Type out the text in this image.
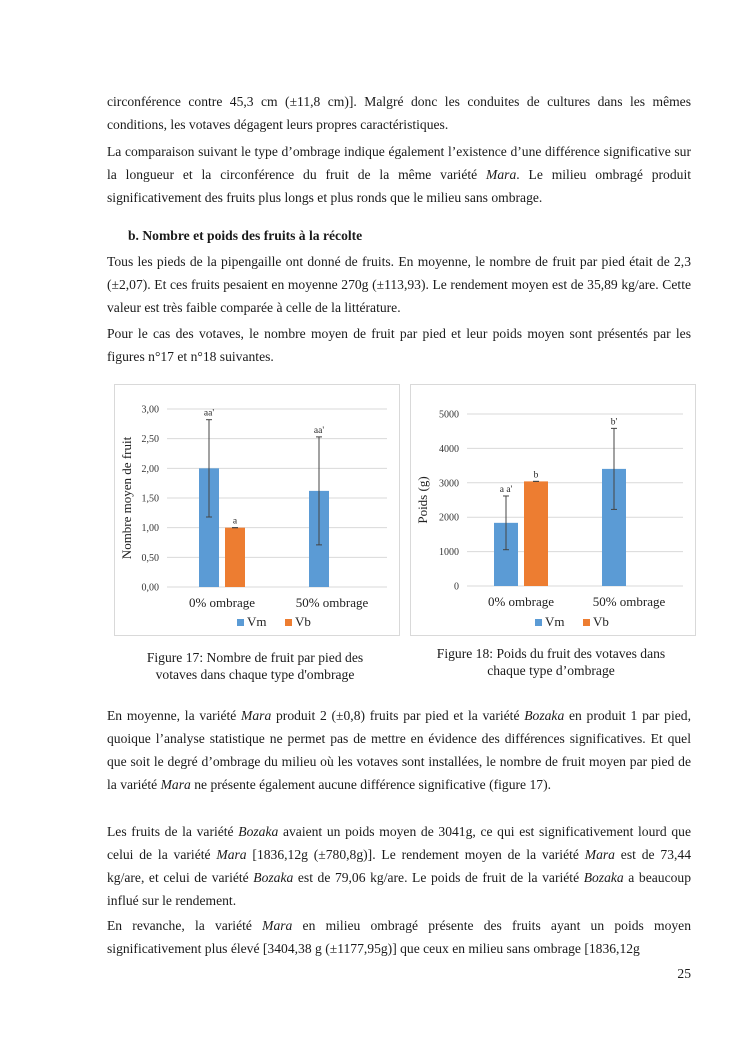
circonférence contre 45,3 cm (±11,8 cm)]. Malgré donc les conduites de cultures dans les mêmes conditions, les votaves dégagent leurs propres caractéristiques.

La comparaison suivant le type d’ombrage indique également l’existence d’une différence significative sur la longueur et la circonférence du fruit de la même variété Mara. Le milieu ombragé produit significativement des fruits plus longs et plus ronds que le milieu sans ombrage.

b. Nombre et poids des fruits à la récolte

Tous les pieds de la pipengaille ont donné de fruits. En moyenne, le nombre de fruit par pied était de 2,3 (±2,07). Et ces fruits pesaient en moyenne 270g (±113,93). Le rendement moyen est de 35,89 kg/are. Cette valeur est très faible comparée à celle de la littérature.

Pour le cas des votaves, le nombre moyen de fruit par pied et leur poids moyen sont présentés par les figures n°17 et n°18 suivantes.

0,00
0,50
1,00
1,50
2,00
2,50
3,00
Nombre moyen de fruit
aa'
a
0% ombrage
aa'
50% ombrage
Vm Vb
0
1000
2000
3000
4000
5000
Poids (g)	a a'
b
0% ombrage
b'
50% ombrage
Vm Vb
Figure 17: Nombre de fruit par pied des votaves dans chaque type d'ombrage
Figure 18: Poids du fruit des votaves dans chaque type d’ombrage

En moyenne, la variété Mara produit 2 (±0,8) fruits par pied et la variété Bozaka en produit 1 par pied, quoique l’analyse statistique ne permet pas de mettre en évidence des différences significatives. Et quel que soit le degré d’ombrage du milieu où les votaves sont installées, le nombre de fruit moyen par pied de la variété Mara ne présente également aucune différence significative (figure 17).

Les fruits de la variété Bozaka avaient un poids moyen de 3041g, ce qui est significativement lourd que celui de la variété Mara [1836,12g (±780,8g)]. Le rendement moyen de la variété Mara est de 73,44 kg/are, et celui de variété Bozaka est de 79,06 kg/are. Le poids de fruit de la variété Bozaka a beaucoup influé sur le rendement.

En revanche, la variété Mara en milieu ombragé présente des fruits ayant un poids moyen significativement plus élevé [3404,38 g (±1177,95g)] que ceux en milieu sans ombrage [1836,12g

25
